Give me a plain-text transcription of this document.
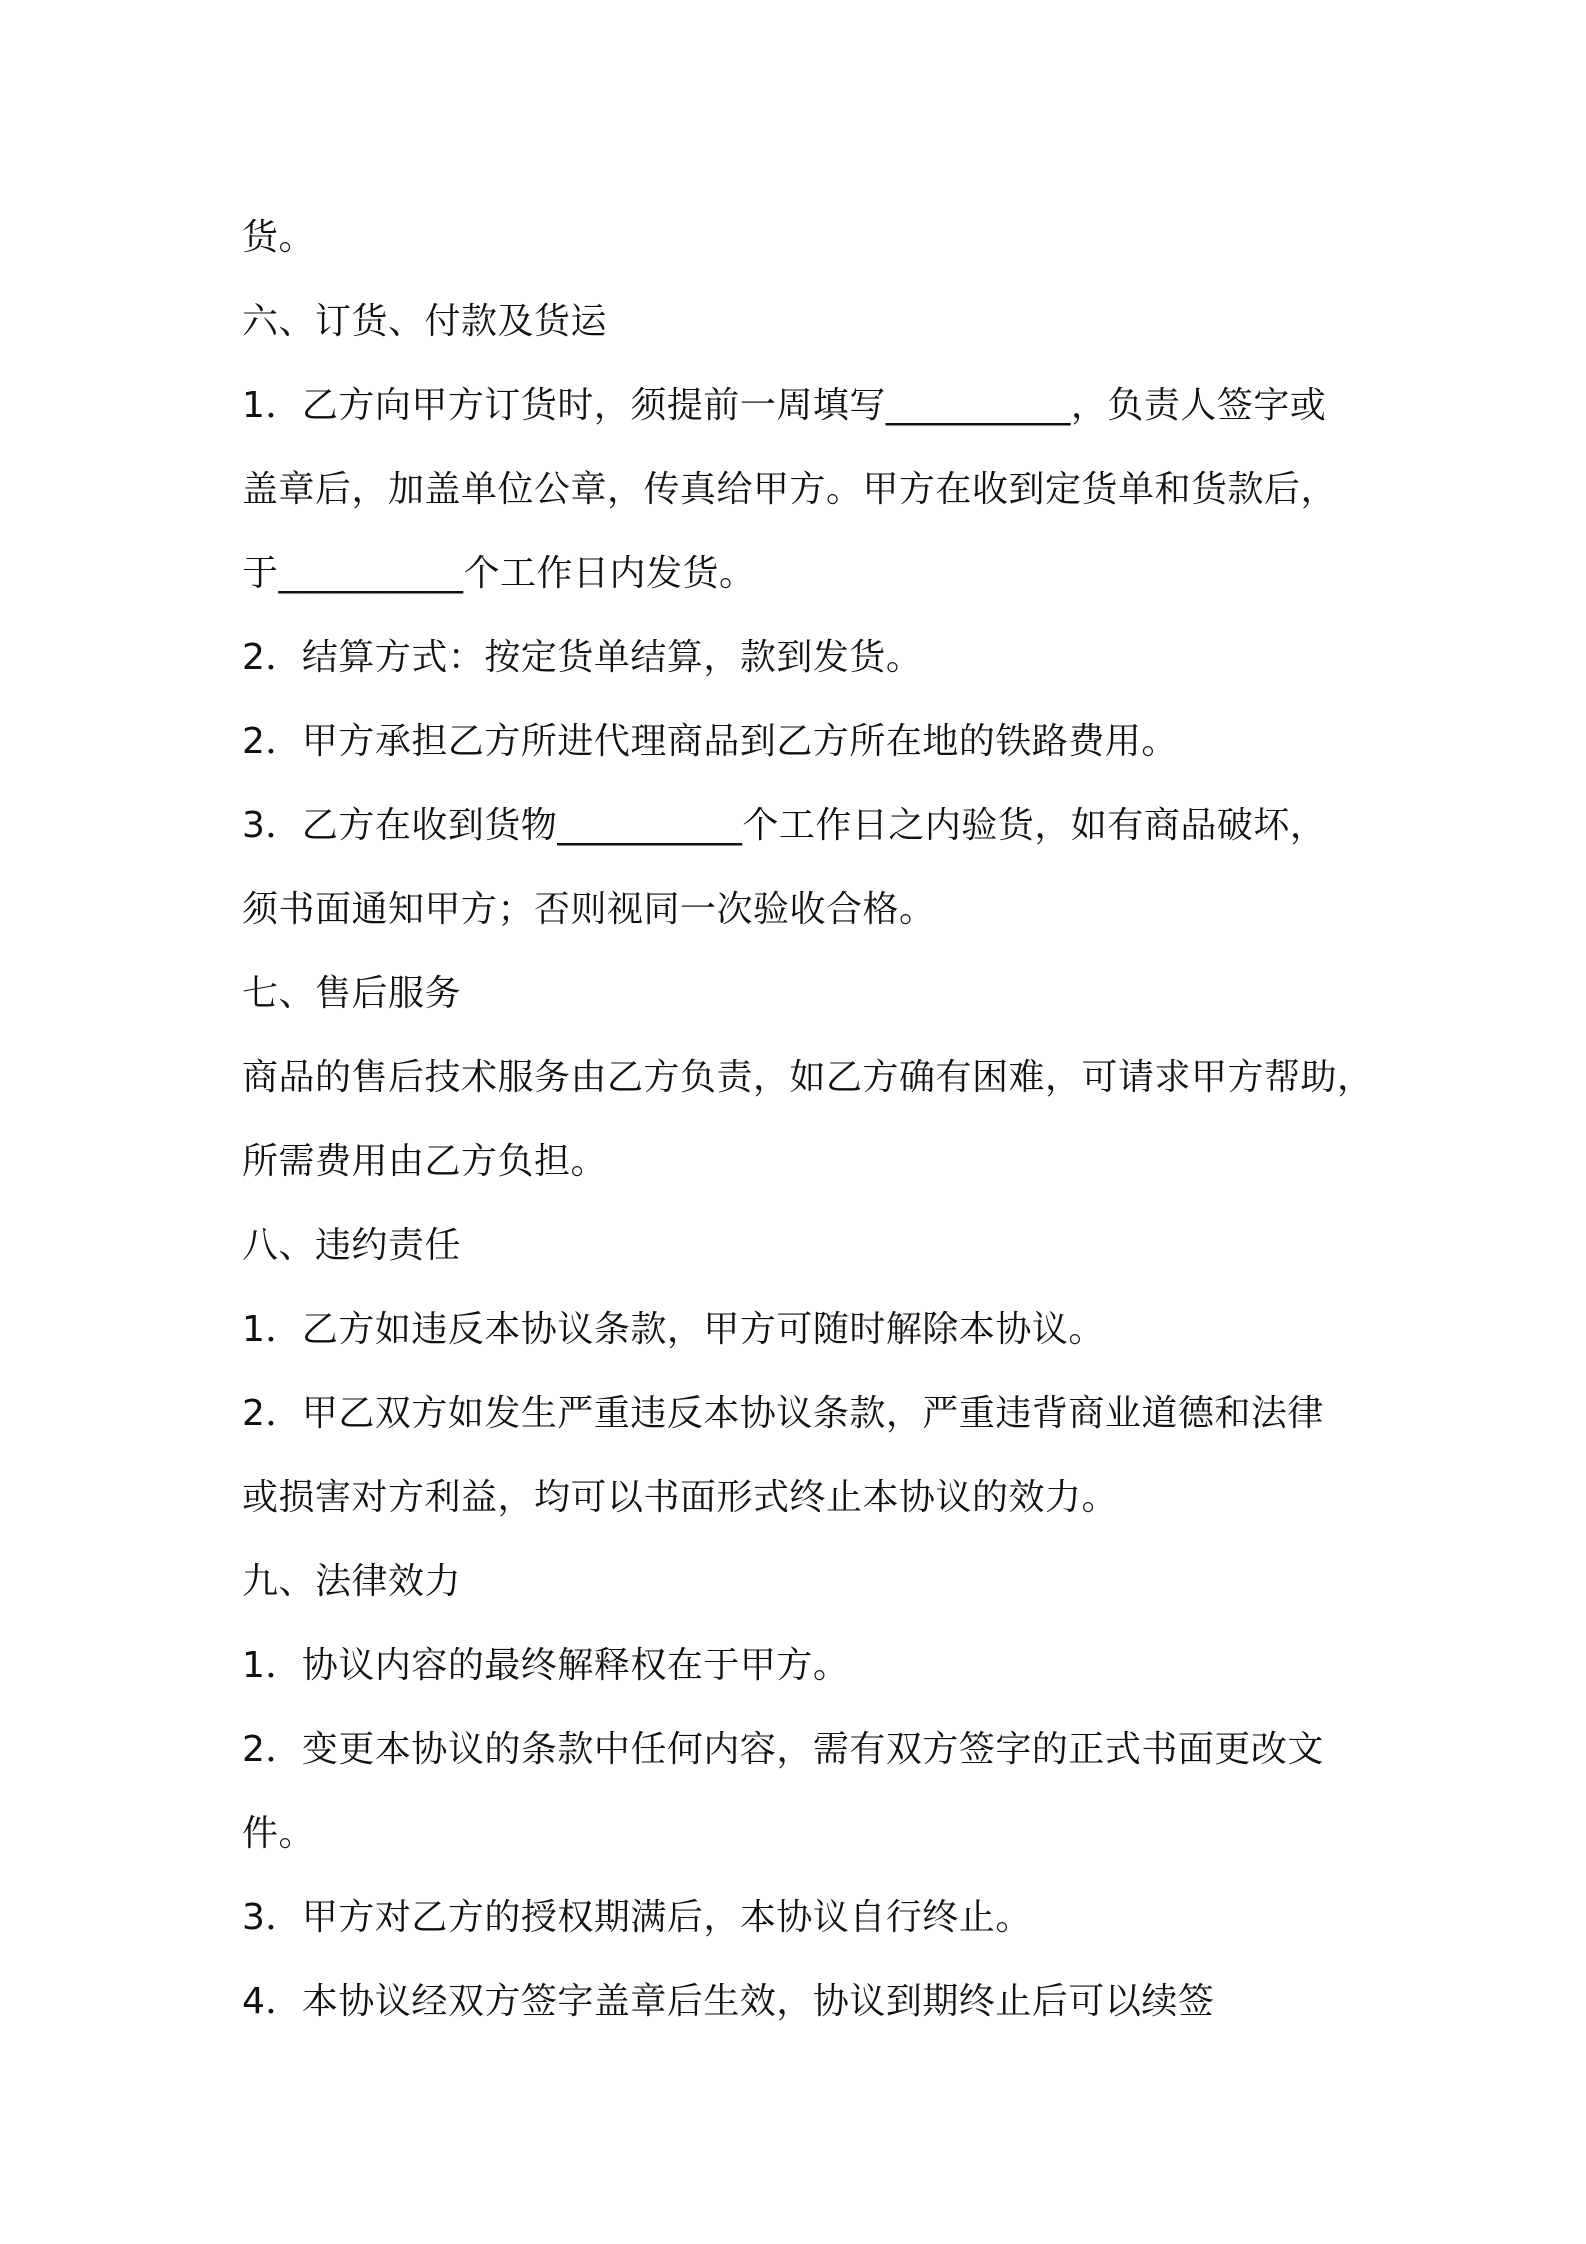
货。
六、订货、付款及货运
1．乙方向甲方订货时，须提前一周填写__________，负责人签字或
盖章后，加盖单位公章，传真给甲方。甲方在收到定货单和货款后，
于__________个工作日内发货。
2．结算方式：按定货单结算，款到发货。
2．甲方承担乙方所进代理商品到乙方所在地的铁路费用。
3．乙方在收到货物__________个工作日之内验货，如有商品破坏，
须书面通知甲方；否则视同一次验收合格。
七、售后服务
商品的售后技术服务由乙方负责，如乙方确有困难，可请求甲方帮助，
所需费用由乙方负担。
八、违约责任
1．乙方如违反本协议条款，甲方可随时解除本协议。
2．甲乙双方如发生严重违反本协议条款，严重违背商业道德和法律
或损害对方利益，均可以书面形式终止本协议的效力。
九、法律效力
1．协议内容的最终解释权在于甲方。
2．变更本协议的条款中任何内容，需有双方签字的正式书面更改文
件。
3．甲方对乙方的授权期满后，本协议自行终止。
4．本协议经双方签字盖章后生效，协议到期终止后可以续签
